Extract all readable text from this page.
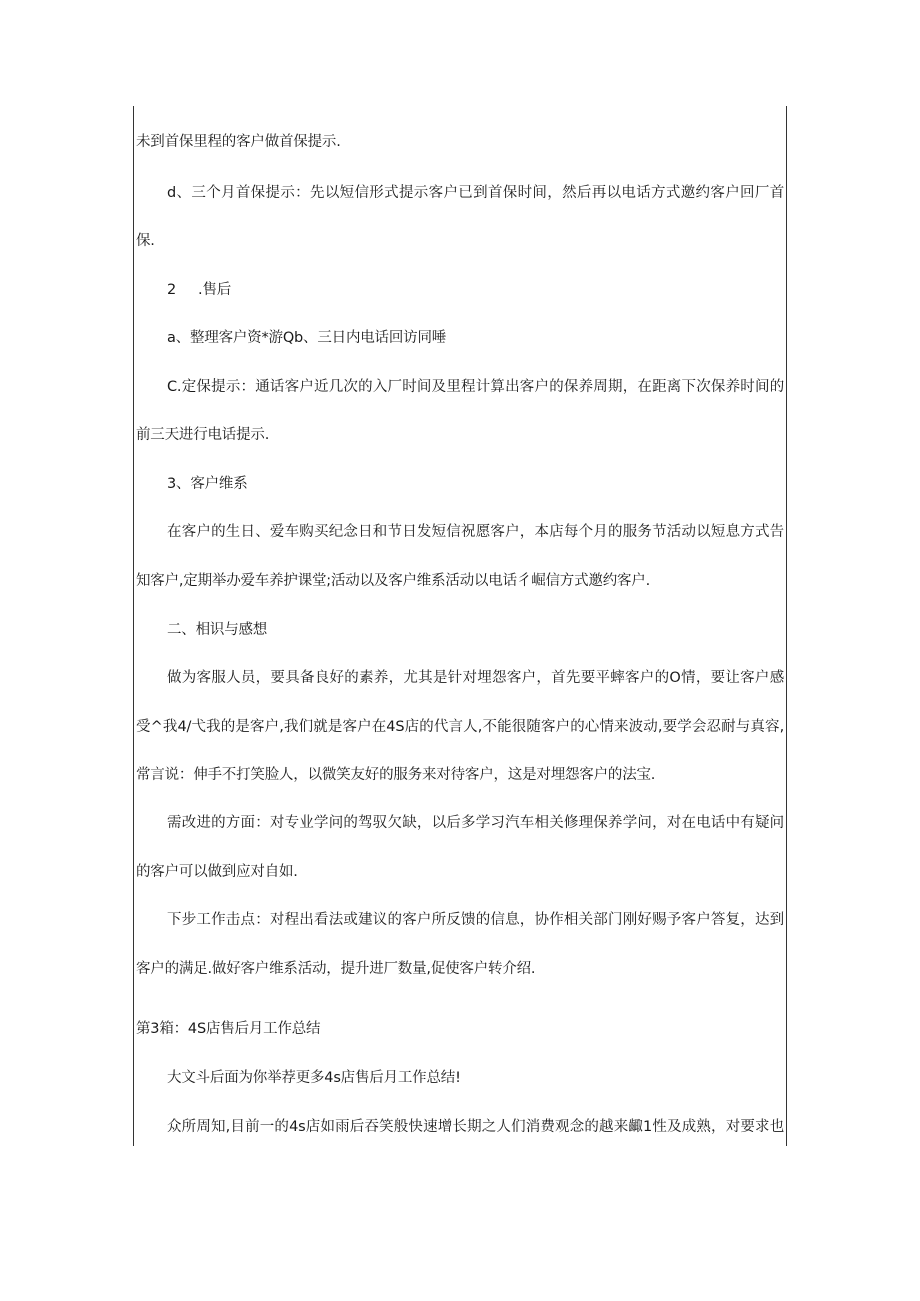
未到首保里程的客户做首保提示.
d、三个月首保提示：先以短信形式提示客户已到首保时间，然后再以电话方式邀约客户回厂首
保.
2 .售后
a、整理客户资*游Qb、三日内电话回访同唾
C.定保提示：通话客户近几次的入厂时间及里程计算出客户的保养周期，在距离下次保养时间的
前三天进行电话提示.
3、客户维系
在客户的生日、爱车购买纪念日和节日发短信祝愿客户，本店每个月的服务节活动以短息方式告
知客户,定期举办爱车养护课堂;活动以及客户维系活动以电话彳崛信方式邀约客户.
二、相识与感想
做为客服人员，要具备良好的素养，尤其是针对埋怨客户，首先要平蟀客户的O情，要让客户感
受^我4/弋我的是客户,我们就是客户在4S店的代言人,不能很随客户的心情来波动,要学会忍耐与真容,
常言说：伸手不打笑脸人，以微笑友好的服务来对待客户，这是对埋怨客户的法宝.
需改进的方面：对专业学问的驾驭欠缺，以后多学习汽车相关修理保养学问，对在电话中有疑问
的客户可以做到应对自如.
下步工作击点：对程出看法或建议的客户所反馈的信息，协作相关部门刚好赐予客户答复，达到
客户的满足.做好客户维系活动，提升进厂数量,促使客户转介绍.
第3箱：4S店售后月工作总结
大文斗后面为你举荐更多4s店售后月工作总结!
众所周知,目前一的4s店如雨后吞笑般快速增长期之人们消费观念的越来齱1性及成熟，对要求也
